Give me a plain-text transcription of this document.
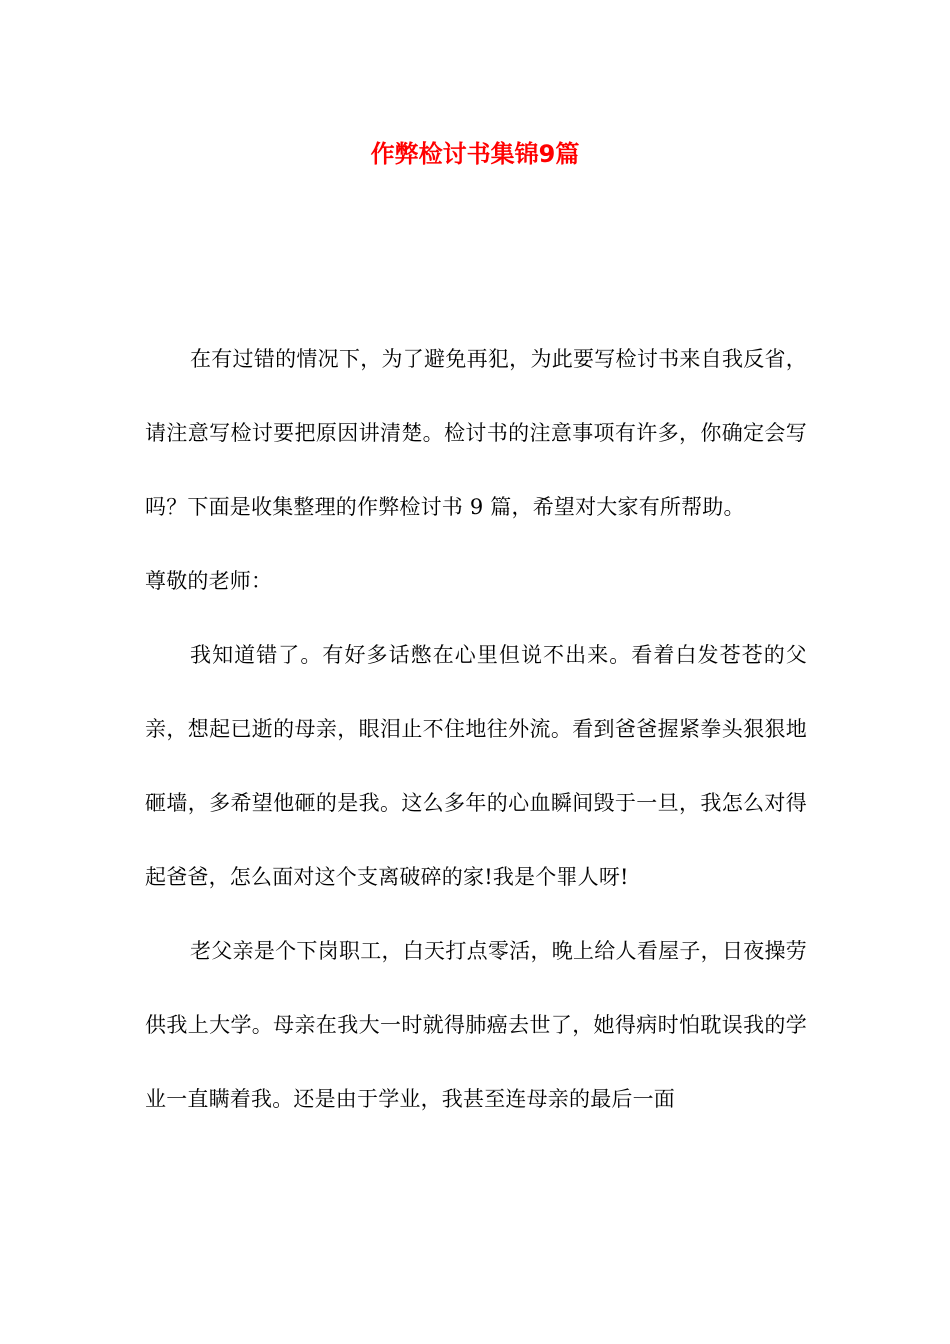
作弊检讨书集锦9篇

在有过错的情况下，为了避免再犯，为此要写检讨书来自我反省，请注意写检讨要把原因讲清楚。检讨书的注意事项有许多，你确定会写吗？下面是收集整理的作弊检讨书 9 篇，希望对大家有所帮助。

尊敬的老师：

我知道错了。有好多话憋在心里但说不出来。看着白发苍苍的父亲，想起已逝的母亲，眼泪止不住地往外流。看到爸爸握紧拳头狠狠地砸墙，多希望他砸的是我。这么多年的心血瞬间毁于一旦，我怎么对得起爸爸，怎么面对这个支离破碎的家!我是个罪人呀!

老父亲是个下岗职工，白天打点零活，晚上给人看屋子，日夜操劳供我上大学。母亲在我大一时就得肺癌去世了，她得病时怕耽误我的学业一直瞒着我。还是由于学业，我甚至连母亲的最后一面
